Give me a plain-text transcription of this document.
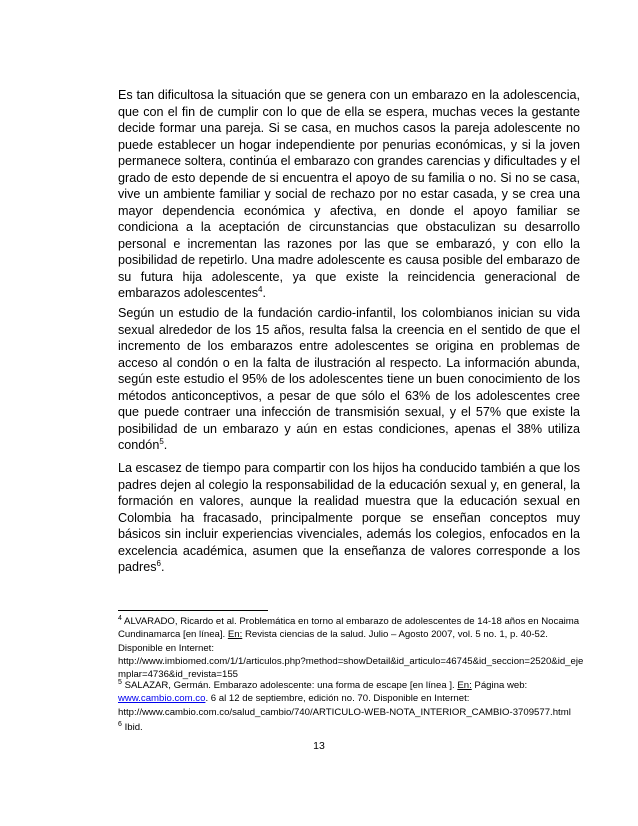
Es tan dificultosa la situación que se genera con un embarazo en la adolescencia, que con el fin de cumplir con lo que de ella se espera, muchas veces la gestante decide formar una pareja. Si se casa, en muchos casos la pareja adolescente no puede establecer un hogar independiente por penurias económicas, y si la joven permanece soltera, continúa el embarazo con grandes carencias y dificultades y el grado de esto depende de si encuentra el apoyo de su familia o no. Si no se casa, vive un ambiente familiar y social de rechazo por no estar casada, y se crea una mayor dependencia económica y afectiva, en donde el apoyo familiar se condiciona a la aceptación de circunstancias que obstaculizan su desarrollo personal e incrementan las razones por las que se embarazó, y con ello la posibilidad de repetirlo. Una madre adolescente es causa posible del embarazo de su futura hija adolescente, ya que existe la reincidencia generacional de embarazos adolescentes$^4$.

Según un estudio de la fundación cardio-infantil, los colombianos inician su vida sexual alrededor de los 15 años, resulta falsa la creencia en el sentido de que el incremento de los embarazos entre adolescentes se origina en problemas de acceso al condón o en la falta de ilustración al respecto. La información abunda, según este estudio el 95% de los adolescentes tiene un buen conocimiento de los métodos anticonceptivos, a pesar de que sólo el 63% de los adolescentes cree que puede contraer una infección de transmisión sexual, y el 57% que existe la posibilidad de un embarazo y aún en estas condiciones, apenas el 38% utiliza condón$^5$.

La escasez de tiempo para compartir con los hijos ha conducido también a que los padres dejen al colegio la responsabilidad de la educación sexual y, en general, la formación en valores, aunque la realidad muestra que la educación sexual en Colombia ha fracasado, principalmente porque se enseñan conceptos muy básicos sin incluir experiencias vivenciales, además los colegios, enfocados en la excelencia académica, asumen que la enseñanza de valores corresponde a los padres$^6$.

$^4$ ALVARADO, Ricardo et al. Problemática en torno al embarazo de adolescentes de 14-18 años en Nocaima
Cundinamarca [en línea]. En: Revista ciencias de la salud. Julio – Agosto 2007, vol. 5 no. 1, p. 40-52.
Disponible en Internet:
http://www.imbiomed.com/1/1/articulos.php?method=showDetail&id_articulo=46745&id_seccion=2520&id_eje
mplar=4736&id_revista=155
$^5$ SALAZAR, Germán. Embarazo adolescente: una forma de escape [en línea ]. En: Página web:
www.cambio.com.co. 6 al 12 de septiembre, edición no. 70. Disponible en Internet:
http://www.cambio.com.co/salud_cambio/740/ARTICULO-WEB-NOTA_INTERIOR_CAMBIO-3709577.html
$^6$ Ibid.
13
